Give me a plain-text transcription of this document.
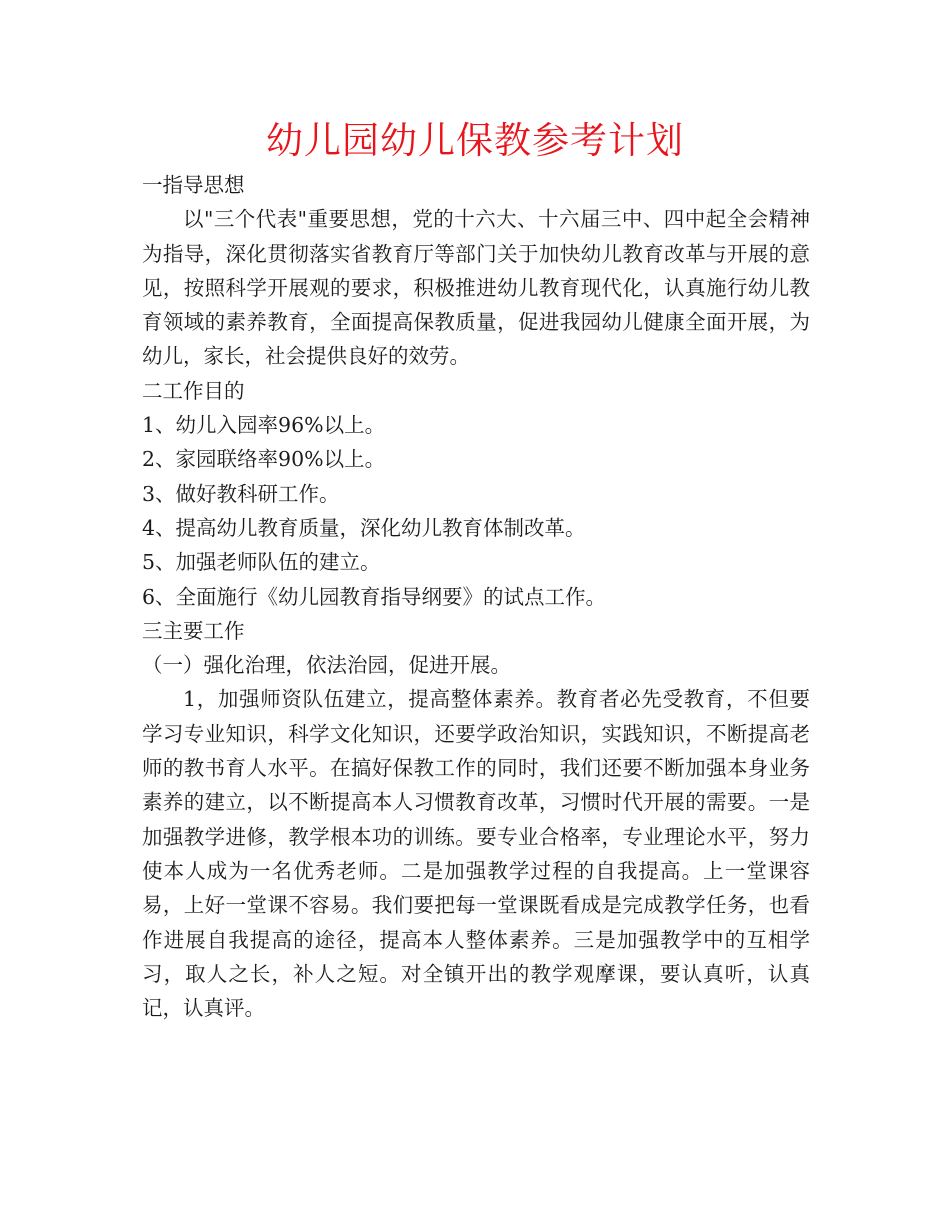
幼儿园幼儿保教参考计划

一指导思想

以"三个代表"重要思想，党的十六大、十六届三中、四中起全会精神为指导，深化贯彻落实省教育厅等部门关于加快幼儿教育改革与开展的意见，按照科学开展观的要求，积极推进幼儿教育现代化，认真施行幼儿教育领域的素养教育，全面提高保教质量，促进我园幼儿健康全面开展，为幼儿，家长，社会提供良好的效劳。

二工作目的

1、幼儿入园率96%以上。

2、家园联络率90%以上。

3、做好教科研工作。

4、提高幼儿教育质量，深化幼儿教育体制改革。

5、加强老师队伍的建立。

6、全面施行《幼儿园教育指导纲要》的试点工作。

三主要工作

（一）强化治理，依法治园，促进开展。

1，加强师资队伍建立，提高整体素养。教育者必先受教育，不但要学习专业知识，科学文化知识，还要学政治知识，实践知识，不断提高老师的教书育人水平。在搞好保教工作的同时，我们还要不断加强本身业务素养的建立，以不断提高本人习惯教育改革，习惯时代开展的需要。一是加强教学进修，教学根本功的训练。要专业合格率，专业理论水平，努力使本人成为一名优秀老师。二是加强教学过程的自我提高。上一堂课容易，上好一堂课不容易。我们要把每一堂课既看成是完成教学任务，也看作进展自我提高的途径，提高本人整体素养。三是加强教学中的互相学习，取人之长，补人之短。对全镇开出的教学观摩课，要认真听，认真记，认真评。
